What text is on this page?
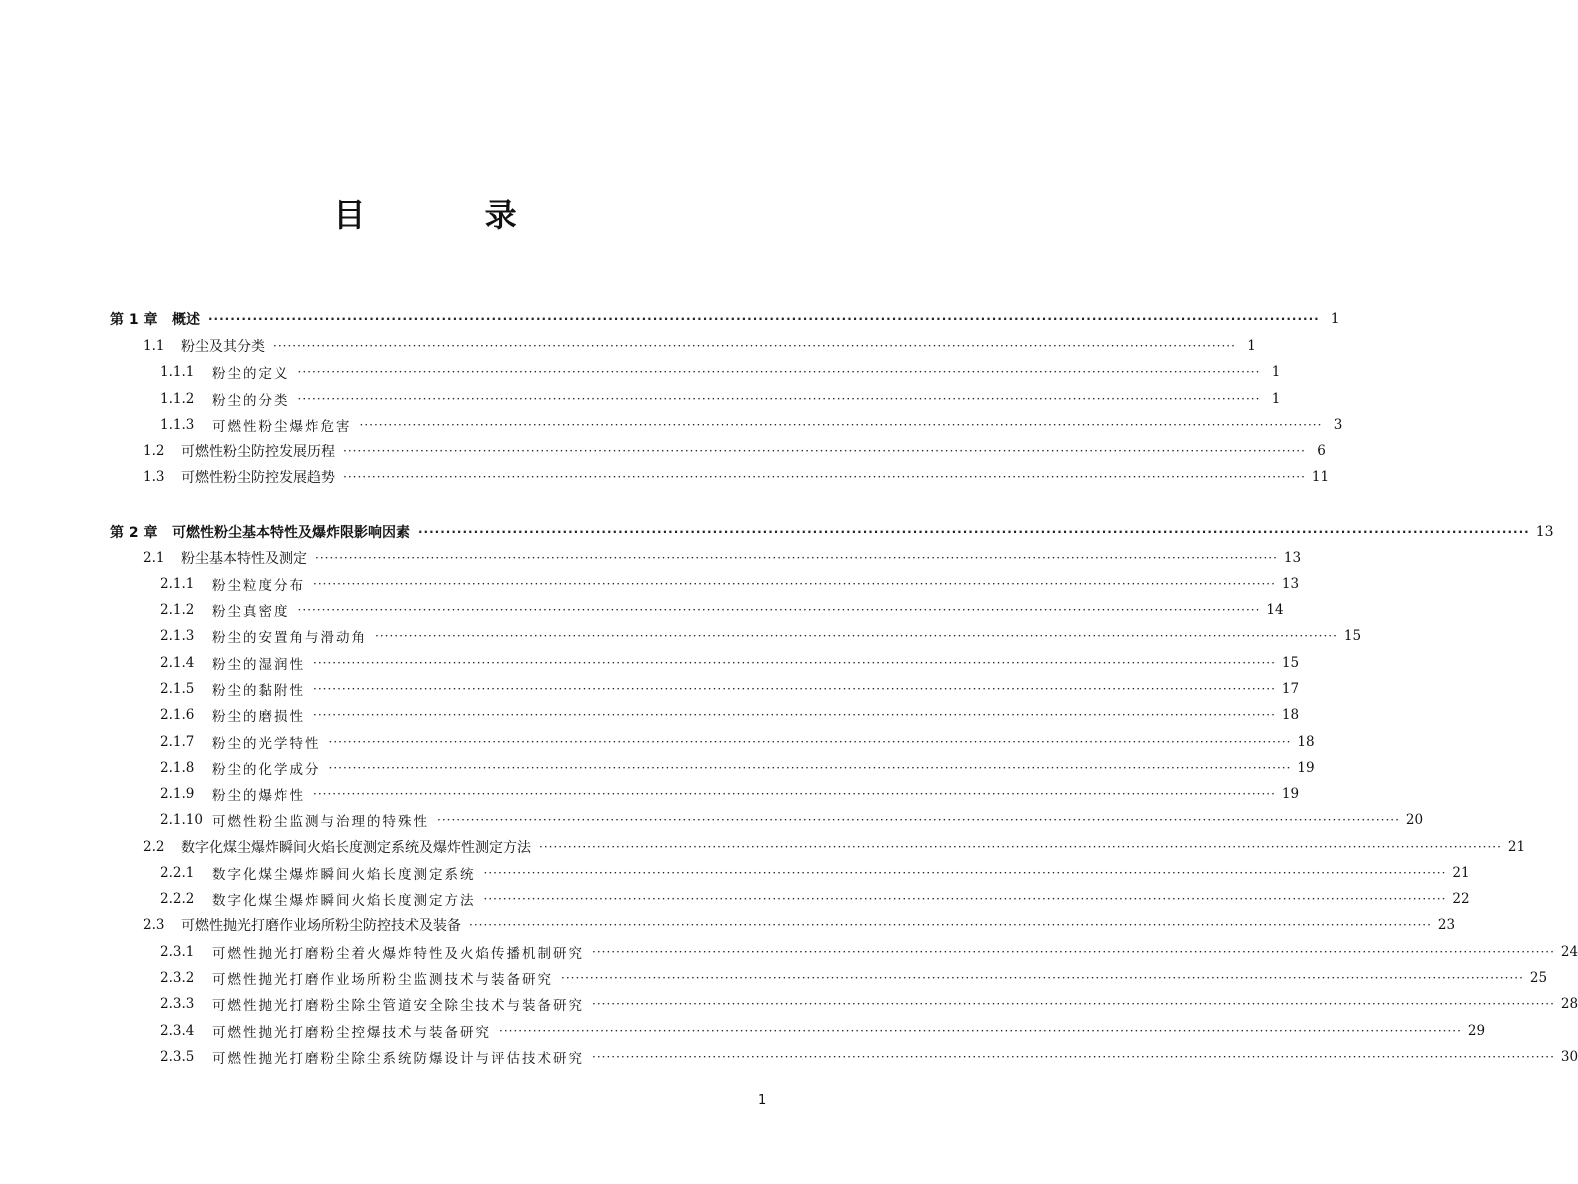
目 录
第 1 章	概述 ········································································································································································································ 1
1.1	粉尘及其分类 ········································································································································································································ 1
1.1.1	粉尘的定义 ········································································································································································································ 1
1.1.2	粉尘的分类 ········································································································································································································ 1
1.1.3	可燃性粉尘爆炸危害 ········································································································································································································ 3
1.2	可燃性粉尘防控发展历程 ········································································································································································································ 6
1.3	可燃性粉尘防控发展趋势 ········································································································································································································ 11
第 2 章	可燃性粉尘基本特性及爆炸限影响因素 ········································································································································································································ 13
2.1	粉尘基本特性及测定 ········································································································································································································ 13
2.1.1	粉尘粒度分布 ········································································································································································································ 13
2.1.2	粉尘真密度 ········································································································································································································ 14
2.1.3	粉尘的安置角与滑动角 ········································································································································································································ 15
2.1.4	粉尘的湿润性 ········································································································································································································ 15
2.1.5	粉尘的黏附性 ········································································································································································································ 17
2.1.6	粉尘的磨损性 ········································································································································································································ 18
2.1.7	粉尘的光学特性 ········································································································································································································ 18
2.1.8	粉尘的化学成分 ········································································································································································································ 19
2.1.9	粉尘的爆炸性 ········································································································································································································ 19
2.1.10 可燃性粉尘监测与治理的特殊性 ········································································································································································································ 20
2.2	数字化煤尘爆炸瞬间火焰长度测定系统及爆炸性测定方法 ········································································································································································································ 21
2.2.1	数字化煤尘爆炸瞬间火焰长度测定系统 ········································································································································································································ 21
2.2.2	数字化煤尘爆炸瞬间火焰长度测定方法 ········································································································································································································ 22
2.3	可燃性抛光打磨作业场所粉尘防控技术及装备 ········································································································································································································ 23
2.3.1	可燃性抛光打磨粉尘着火爆炸特性及火焰传播机制研究 ········································································································································································································ 24
2.3.2	可燃性抛光打磨作业场所粉尘监测技术与装备研究 ········································································································································································································ 25
2.3.3	可燃性抛光打磨粉尘除尘管道安全除尘技术与装备研究 ········································································································································································································ 28
2.3.4	可燃性抛光打磨粉尘控爆技术与装备研究 ········································································································································································································ 29
2.3.5	可燃性抛光打磨粉尘除尘系统防爆设计与评估技术研究 ········································································································································································································ 30
1
